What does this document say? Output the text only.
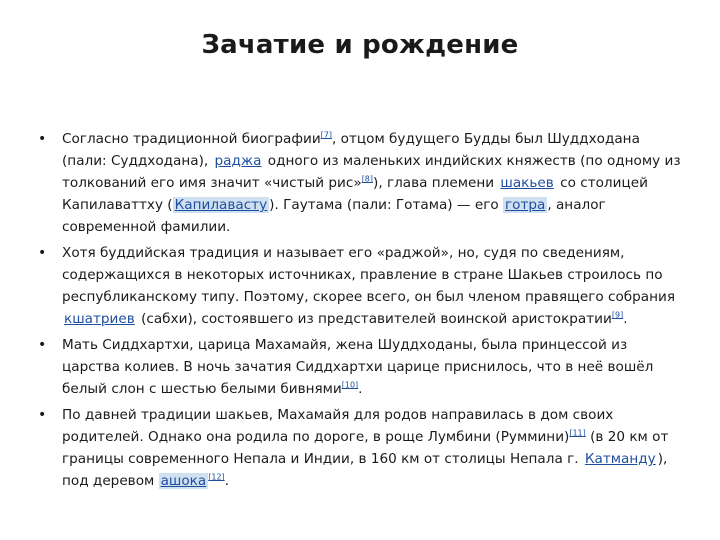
Зачатие и рождение
• Согласно традиционной биографии[7], отцом будущего Будды был Шуддходана (пали: Суддходана), раджа одного из маленьких индийских княжеств (по одному из толкований его имя значит «чистый рис»[8]), глава племени шакьев со столицей Капилаваттху ( Капилавасту ). Гаутама (пали: Готама) — его готра , аналог современной фамилии.
• Хотя буддийская традиция и называет его «раджой», но, судя по сведениям, содержащихся в некоторых источниках, правление в стране Шакьев строилось по республиканскому типу. Поэтому, скорее всего, он был членом правящего собрания кшатриев (сабхи), состоявшего из представителей воинской аристократии[9].
• Мать Сиддхартхи, царица Махамайя, жена Шуддходаны, была принцессой из царства колиев. В ночь зачатия Сиддхартхи царице приснилось, что в неё вошёл белый слон с шестью белыми бивнями[10].
• По давней традиции шакьев, Махамайя для родов направилась в дом своих родителей. Однако она родила по дороге, в роще Лумбини (Руммини)[11] (в 20 км от границы современного Непала и Индии, в 160 км от столицы Непала г. Катманду ), под деревом ашока [12].
